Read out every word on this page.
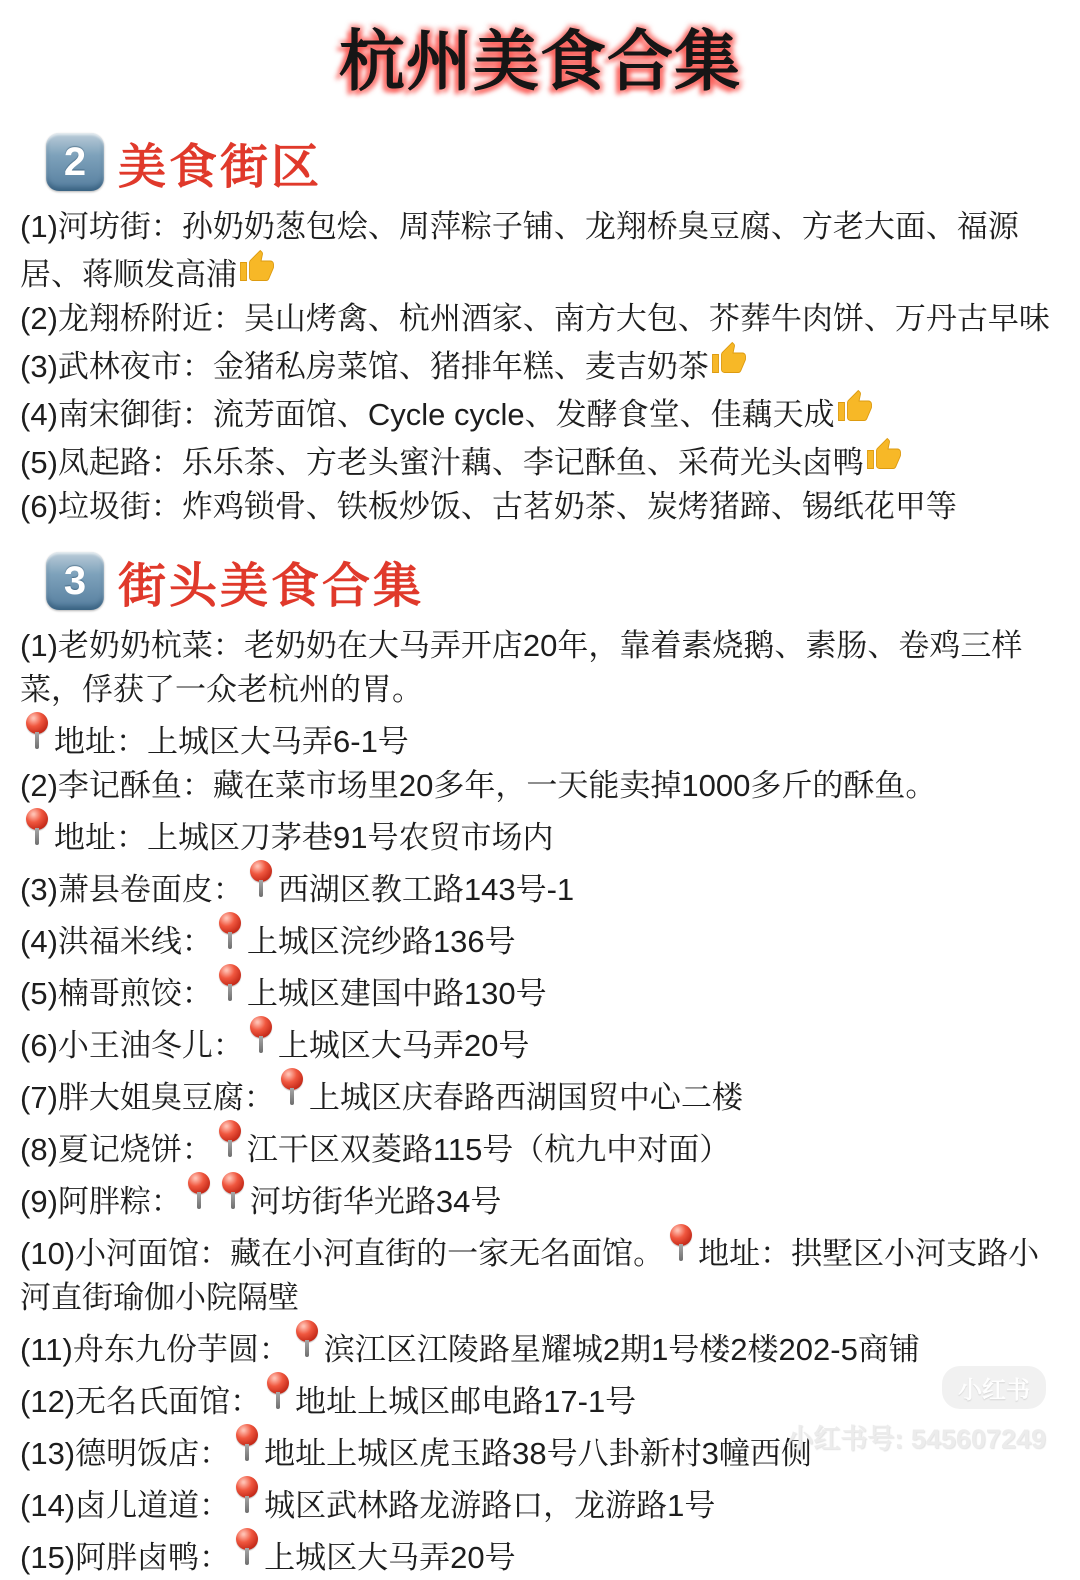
杭州美食合集
2 美食街区
(1)河坊街：孙奶奶葱包烩、周萍粽子铺、龙翔桥臭豆腐、方老大面、福源居、蒋顺发高浦
(2)龙翔桥附近：吴山烤禽、杭州酒家、南方大包、芥葬牛肉饼、万丹古早味
(3)武林夜市：金猪私房菜馆、猪排年糕、麦吉奶茶
(4)南宋御街：流芳面馆、Cycle cycle、发酵食堂、佳藕天成
(5)凤起路：乐乐茶、方老头蜜汁藕、李记酥鱼、采荷光头卤鸭
(6)垃圾街：炸鸡锁骨、铁板炒饭、古茗奶茶、炭烤猪蹄、锡纸花甲等
3 街头美食合集
(1)老奶奶杭菜：老奶奶在大马弄开店20年，靠着素烧鹅、素肠、卷鸡三样菜，俘获了一众老杭州的胃。
地址：上城区大马弄6-1号
(2)李记酥鱼：藏在菜市场里20多年，一天能卖掉1000多斤的酥鱼。
地址：上城区刀茅巷91号农贸市场内
(3)萧县卷面皮： 西湖区教工路143号-1
(4)洪福米线： 上城区浣纱路136号
(5)楠哥煎饺： 上城区建国中路130号
(6)小王油冬儿： 上城区大马弄20号
(7)胖大姐臭豆腐： 上城区庆春路西湖国贸中心二楼
(8)夏记烧饼： 江干区双菱路115号（杭九中对面）
(9)阿胖粽： 河坊街华光路34号
(10)小河面馆：藏在小河直街的一家无名面馆。 地址：拱墅区小河支路小河直街瑜伽小院隔壁
(11)舟东九份芋圆： 滨江区江陵路星耀城2期1号楼2楼202-5商铺
(12)无名氏面馆： 地址上城区邮电路17-1号
(13)德明饭店： 地址上城区虎玉路38号八卦新村3幢西侧
(14)卤儿道道： 城区武林路龙游路口，龙游路1号
(15)阿胖卤鸭： 上城区大马弄20号
小红书
小红书号: 545607249
